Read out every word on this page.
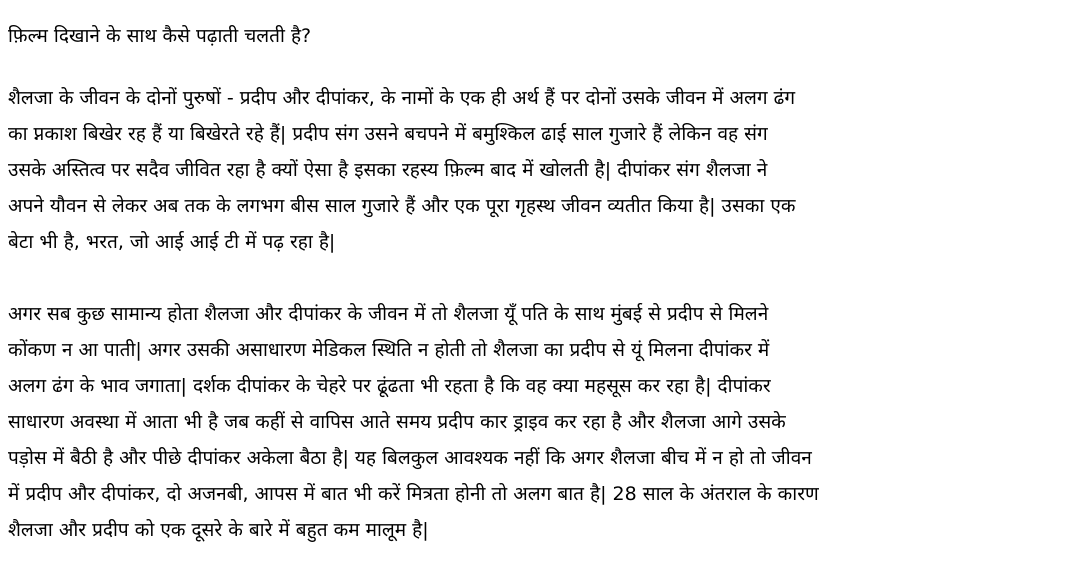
फ़िल्म दिखाने के साथ कैसे पढ़ाती चलती है?

शैलजा के जीवन के दोनों पुरुषों - प्रदीप और दीपांकर, के नामों के एक ही अर्थ हैं पर दोनों उसके जीवन में अलग ढंग
का प्नकाश बिखेर रह हैं या बिखेरते रहे हैं| प्रदीप संग उसने बचपने में बमुश्किल ढाई साल गुजारे हैं लेकिन वह संग
उसके अस्तित्व पर सदैव जीवित रहा है क्यों ऐसा है इसका रहस्य फ़िल्म बाद में खोलती है| दीपांकर संग शैलजा ने
अपने यौवन से लेकर अब तक के लगभग बीस साल गुजारे हैं और एक पूरा गृहस्थ जीवन व्यतीत किया है| उसका एक
बेटा भी है, भरत, जो आई आई टी में पढ़ रहा है|

अगर सब कुछ सामान्य होता शैलजा और दीपांकर के जीवन में तो शैलजा यूँ पति के साथ मुंबई से प्रदीप से मिलने
कोंकण न आ पाती| अगर उसकी असाधारण मेडिकल स्थिति न होती तो शैलजा का प्रदीप से यूं मिलना दीपांकर में
अलग ढंग के भाव जगाता| दर्शक दीपांकर के चेहरे पर ढूंढता भी रहता है कि वह क्या महसूस कर रहा है| दीपांकर
साधारण अवस्था में आता भी है जब कहीं से वापिस आते समय प्रदीप कार ड्राइव कर रहा है और शैलजा आगे उसके
पड़ोस में बैठी है और पीछे दीपांकर अकेला बैठा है| यह बिलकुल आवश्यक नहीं कि अगर शैलजा बीच में न हो तो जीवन
में प्रदीप और दीपांकर, दो अजनबी, आपस में बात भी करें मित्रता होनी तो अलग बात है| 28 साल के अंतराल के कारण
शैलजा और प्रदीप को एक दूसरे के बारे में बहुत कम मालूम है|
